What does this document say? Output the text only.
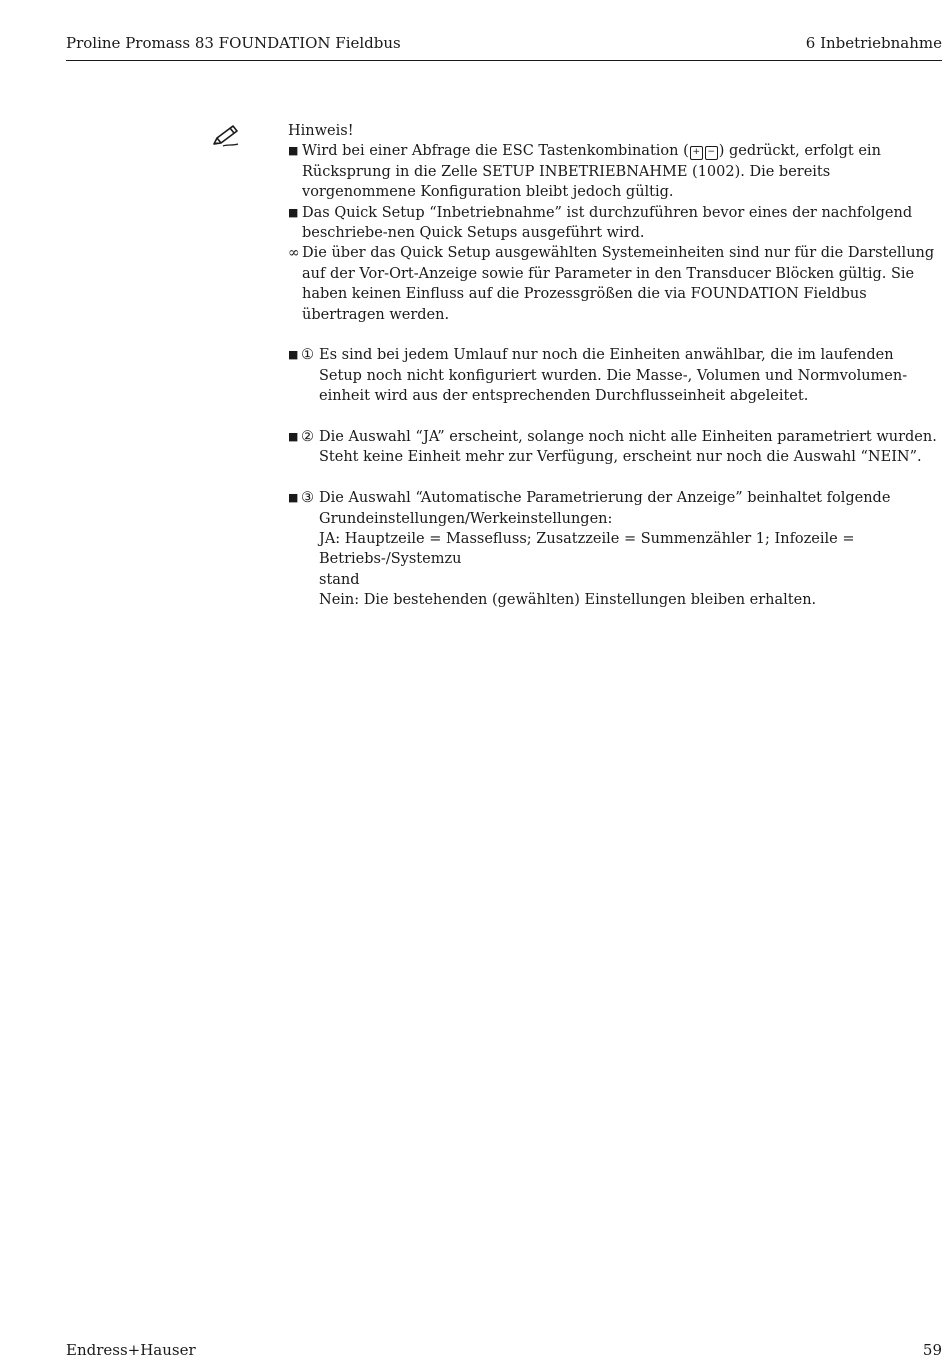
Proline Promass 83 FOUNDATION Fieldbus	6 Inbetriebnahme

Hinweis!

■ Wird bei einer Abfrage die ESC Tastenkombination ( + − ) gedrückt, erfolgt ein Rücksprung in die Zelle SETUP INBETRIEBNAHME (1002). Die bereits vorgenommene Konfiguration bleibt jedoch gültig.

■ Das Quick Setup “Inbetriebnahme” ist durchzuführen bevor eines der nachfolgend beschriebe-nen Quick Setups ausgeführt wird.

∞ Die über das Quick Setup ausgewählten Systemeinheiten sind nur für die Darstellung auf der Vor-Ort-Anzeige sowie für Parameter in den Transducer Blöcken gültig. Sie haben keinen Einfluss auf die Prozessgrößen die via FOUNDATION Fieldbus übertragen werden.

■ ① Es sind bei jedem Umlauf nur noch die Einheiten anwählbar, die im laufenden
Setup noch nicht konfiguriert wurden. Die Masse-, Volumen und Normvolumen-
einheit wird aus der entsprechenden Durchflusseinheit abgeleitet.
■ ② Die Auswahl “JA” erscheint, solange noch nicht alle Einheiten parametriert wurden.
Steht keine Einheit mehr zur Verfügung, erscheint nur noch die Auswahl “NEIN”.
■ ③ Die Auswahl “Automatische Parametrierung der Anzeige” beinhaltet folgende
Grundeinstellungen/Werkeinstellungen:
JA: Hauptzeile = Massefluss; Zusatzzeile = Summenzähler 1; Infozeile = Betriebs-/Systemzu
stand
Nein: Die bestehenden (gewählten) Einstellungen bleiben erhalten.
Endress+Hauser	59
